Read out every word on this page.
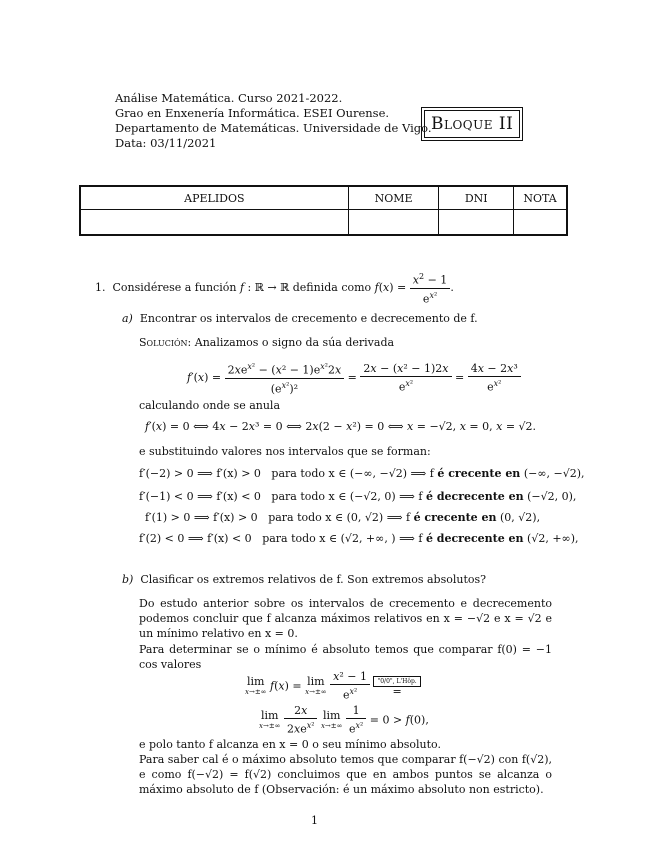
Análise Matemática. Curso 2021-2022.
Grao en Enxenería Informática. ESEI Ourense.
Departamento de Matemáticas. Universidade de Vigo.
Data: 03/11/2021
Bloque II
APELIDOS	NOME	DNI	NOTA

1. Considérese a función f : ℝ → ℝ definida como $f(x) = \frac{x^2 - 1}{e^{x^2}}$ .
a) Encontrar os intervalos de crecemento e decrecemento de f.
Solución: Analizamos o signo da súa derivada
$f'(x) = \frac{2xe^{x^2} - (x^2 - 1)e^{x^2}2x}{(e^{x^2})^2} = \frac{\text{2x − (x² − 1)2x}}{e^{x^2}} = \frac{\text{4x − 2x³}}{e^{x^2}}$
calculando onde se anula
f′(x) = 0 ⟺ 4x − 2x³ = 0 ⟺ 2x(2 − x²) = 0 ⟺ x = −√2, x = 0, x = √2.
e substituindo valores nos intervalos que se forman:
f′(−2) > 0 ⟹ f′(x) > 0 para todo x ∈ (−∞, −√2) ⟹ f é crecente en (−∞, −√2),
f′(−1) < 0 ⟹ f′(x) < 0 para todo x ∈ (−√2, 0) ⟹ f é decrecente en (−√2, 0),
f′(1) > 0 ⟹ f′(x) > 0 para todo x ∈ (0, √2) ⟹ f é crecente en (0, √2),
f′(2) < 0 ⟹ f′(x) < 0 para todo x ∈ (√2, +∞, ) ⟹ f é decrecente en (√2, +∞),
b) Clasificar os extremos relativos de f. Son extremos absolutos?
Do estudo anterior sobre os intervalos de crecemento e decrecemento podemos concluir que f alcanza máximos relativos en x = −√2 e x = √2 e un mínimo relativo en x = 0.
Para determinar se o mínimo é absoluto temos que comparar f(0) = −1 cos valores
lim
x→±∞ f(x) = lim
x→±∞
$\frac{\text{x² − 1}}{e^{x^2}}$
	"0/0", L'Hôp.
=
lim
x→±∞
$\frac{2x}{2xe^{x^2}}$
lim
x→±∞
$\frac{1}{e^{x^2}} = 0 > f(0)$,
e polo tanto f alcanza en x = 0 o seu mínimo absoluto.
Para saber cal é o máximo absoluto temos que comparar f(−√2) con f(√2), e como f(−√2) = f(√2) concluimos que en ambos puntos se alcanza o máximo absoluto de f (Observación: é un máximo absoluto non estricto).
1
